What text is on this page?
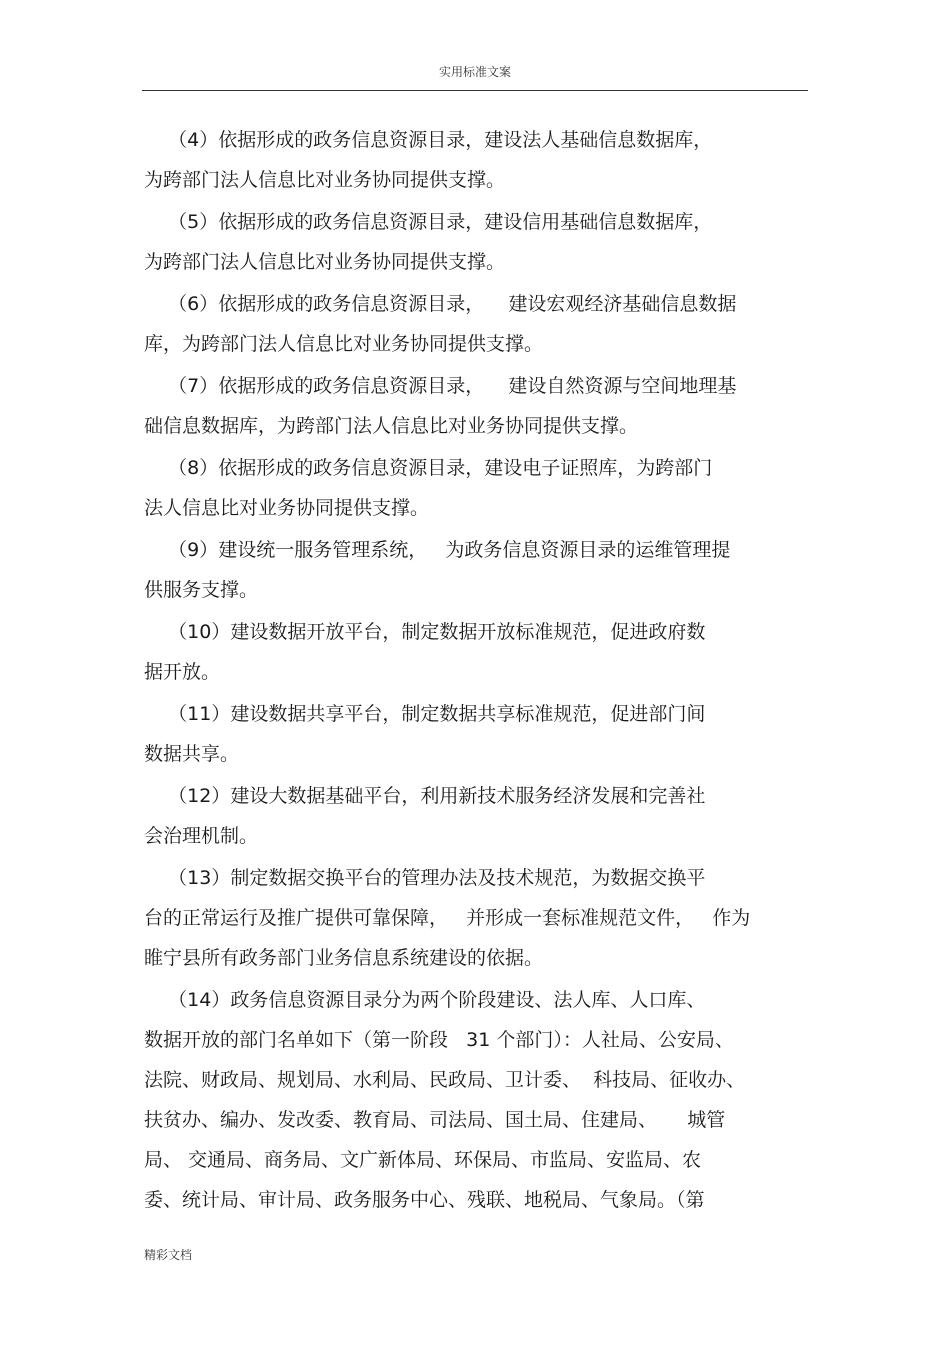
实用标准文案

（4）依据形成的政务信息资源目录，建设法人基础信息数据库，
为跨部门法人信息比对业务协同提供支撑。

（5）依据形成的政务信息资源目录，建设信用基础信息数据库，
为跨部门法人信息比对业务协同提供支撑。

（6）依据形成的政务信息资源目录，    建设宏观经济基础信息数据
库，为跨部门法人信息比对业务协同提供支撑。

（7）依据形成的政务信息资源目录，    建设自然资源与空间地理基
础信息数据库，为跨部门法人信息比对业务协同提供支撑。

（8）依据形成的政务信息资源目录，建设电子证照库，为跨部门
法人信息比对业务协同提供支撑。

（9）建设统一服务管理系统，   为政务信息资源目录的运维管理提
供服务支撑。

（10）建设数据开放平台，制定数据开放标准规范，促进政府数
据开放。

（11）建设数据共享平台，制定数据共享标准规范，促进部门间
数据共享。

（12）建设大数据基础平台，利用新技术服务经济发展和完善社
会治理机制。

（13）制定数据交换平台的管理办法及技术规范，为数据交换平
台的正常运行及推广提供可靠保障，   并形成一套标准规范文件，   作为
睢宁县所有政务部门业务信息系统建设的依据。

（14）政务信息资源目录分为两个阶段建设、法人库、人口库、
数据开放的部门名单如下（第一阶段   31 个部门）：人社局、公安局、
法院、财政局、规划局、水利局、民政局、卫计委、  科技局、征收办、
扶贫办、编办、发改委、教育局、司法局、国土局、住建局、     城管
局、 交通局、商务局、文广新体局、环保局、市监局、安监局、农
委、统计局、审计局、政务服务中心、残联、地税局、气象局。（第

精彩文档
